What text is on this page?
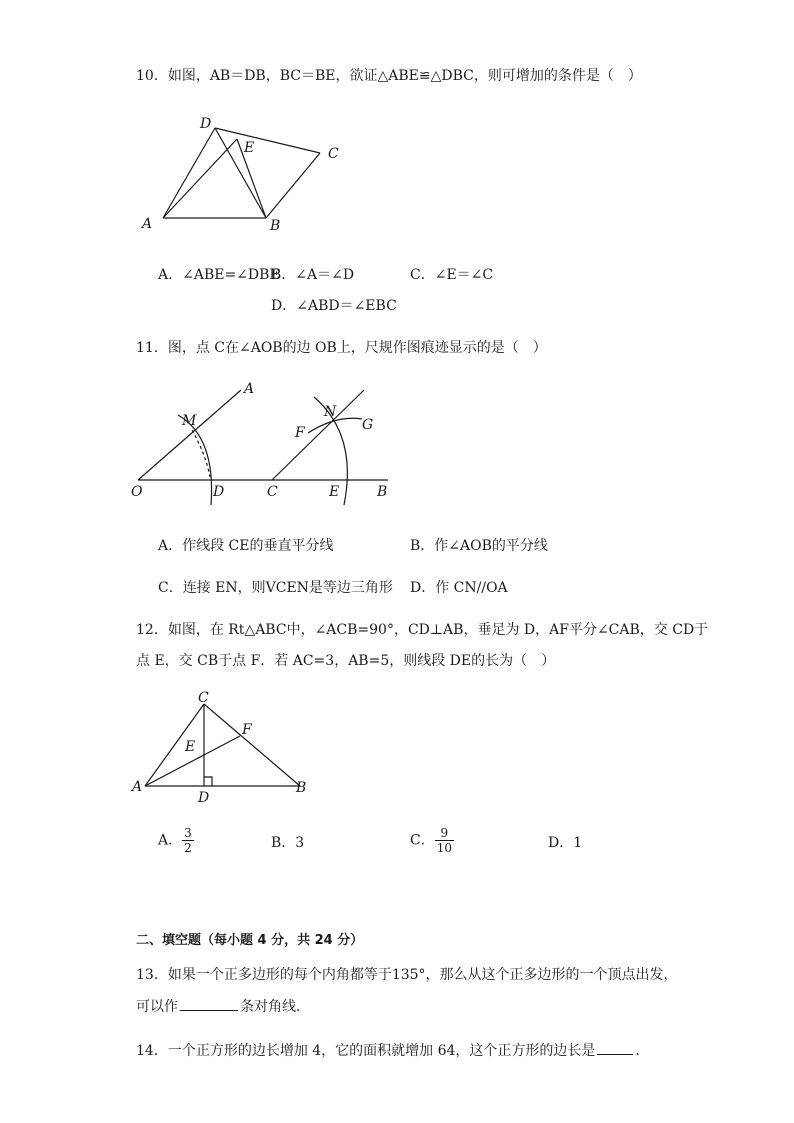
10．如图，AB＝DB，BC＝BE，欲证△ABE≌△DBC，则可增加的条件是（　）
D
E	C
A	B
A．∠ABE=∠DBE
B．∠A＝∠D	C．∠E＝∠C
D．∠ABD＝∠EBC
11．图，点 C在∠AOB的边 OB上，尺规作图痕迹显示的是（　）
O
A
M
D	C
N
F	G
E	B
A．作线段 CE的垂直平分线	B．作∠AOB的平分线
C．连接 EN，则VCEN是等边三角形 D．作 CN//OA
12．如图，在 Rt△ABC中，∠ACB=90°，CD⊥AB，垂足为 D，AF平分∠CAB，交 CD于
点 E，交 CB于点 F．若 AC=3，AB=5，则线段 DE的长为（　）
C
E
F
A
D
B
A． $\frac{3}{2}$	B．3	C． $\frac{9}{10}$	D．1
二、填空题（每小题 4 分，共 24 分）
13．如果一个正多边形的每个内角都等于135°，那么从这个正多边形的一个顶点出发，
可以作	条对角线．
14．一个正方形的边长增加 4，它的面积就增加 64，这个正方形的边长是	．
